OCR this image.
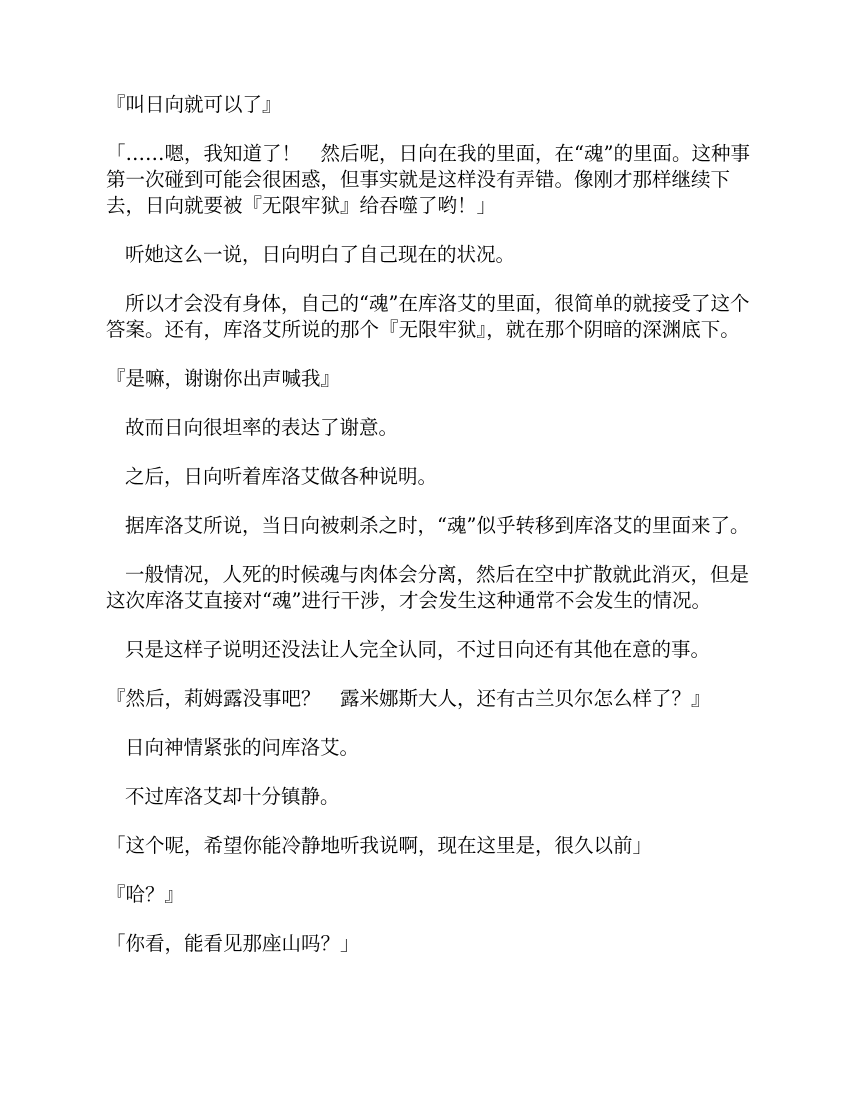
『叫日向就可以了』

「……嗯，我知道了！　然后呢，日向在我的里面，在“魂”的里面。这种事第一次碰到可能会很困惑，但事实就是这样没有弄错。像刚才那样继续下去，日向就要被『无限牢狱』给吞噬了哟！」

听她这么一说，日向明白了自己现在的状况。

所以才会没有身体，自己的“魂”在库洛艾的里面，很简单的就接受了这个答案。还有，库洛艾所说的那个『无限牢狱』，就在那个阴暗的深渊底下。

『是嘛，谢谢你出声喊我』

故而日向很坦率的表达了谢意。

之后，日向听着库洛艾做各种说明。

据库洛艾所说，当日向被刺杀之时，“魂”似乎转移到库洛艾的里面来了。

一般情况，人死的时候魂与肉体会分离，然后在空中扩散就此消灭，但是这次库洛艾直接对“魂”进行干涉，才会发生这种通常不会发生的情况。

只是这样子说明还没法让人完全认同，不过日向还有其他在意的事。

『然后，莉姆露没事吧？　露米娜斯大人，还有古兰贝尔怎么样了？』

日向神情紧张的问库洛艾。

不过库洛艾却十分镇静。

「这个呢，希望你能冷静地听我说啊，现在这里是，很久以前」

『哈？』

「你看，能看见那座山吗？」
